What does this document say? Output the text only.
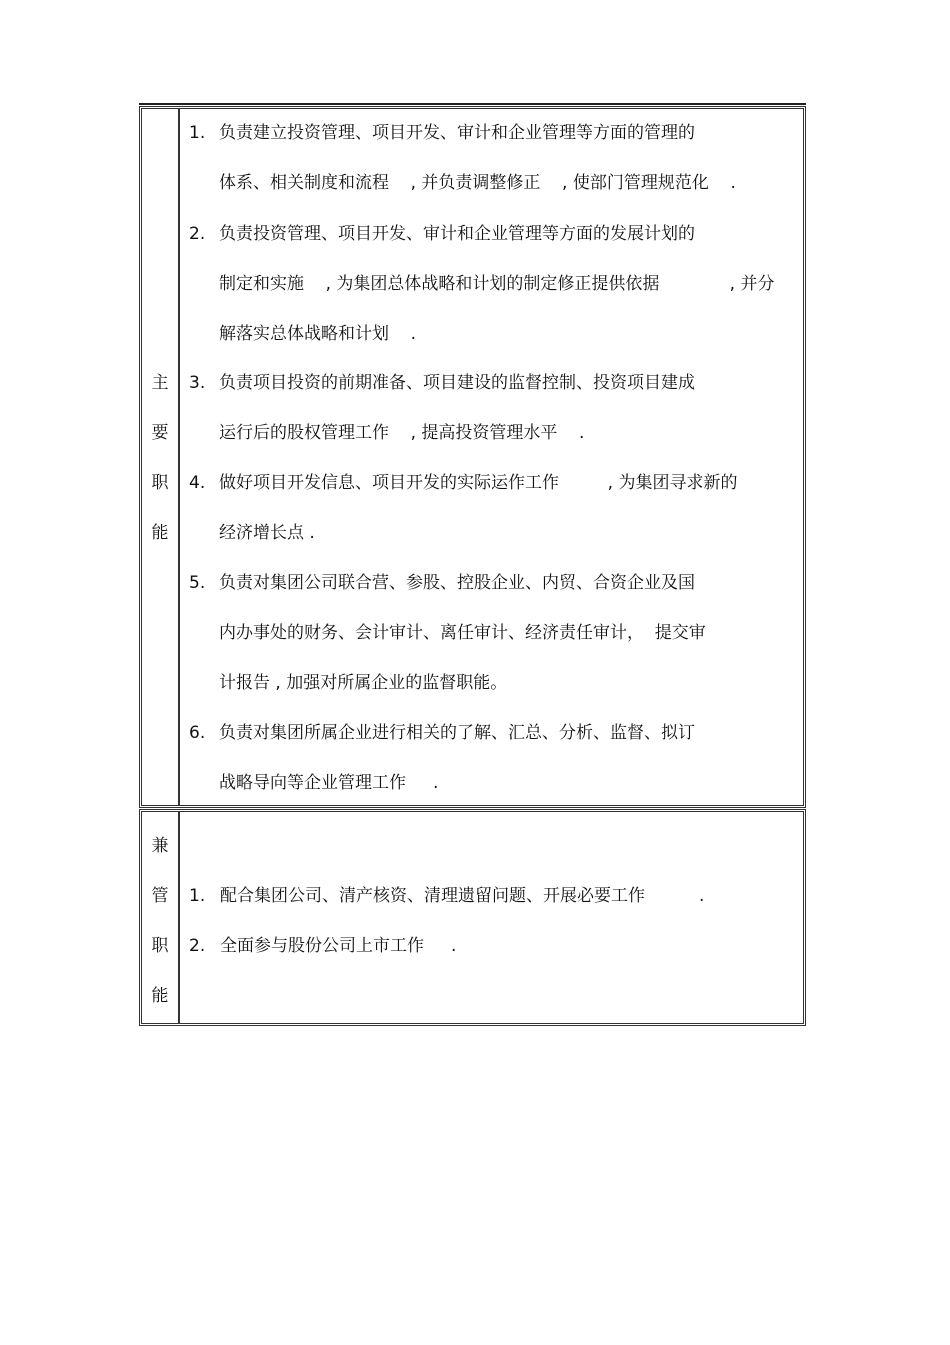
主
要
职
能
1. 负责建立投资管理、项目开发、审计和企业管理等方面的管理的
体系、相关制度和流程    , 并负责调整修正    , 使部门管理规范化    .
2. 负责投资管理、项目开发、审计和企业管理等方面的发展计划的
制定和实施    , 为集团总体战略和计划的制定修正提供依据             , 并分
解落实总体战略和计划    .
3. 负责项目投资的前期准备、项目建设的监督控制、投资项目建成
运行后的股权管理工作    , 提高投资管理水平    .
4. 做好项目开发信息、项目开发的实际运作工作         , 为集团寻求新的
经济增长点 .
5. 负责对集团公司联合营、参股、控股企业、内贸、合资企业及国
内办事处的财务、会计审计、离任审计、经济责任审计，  提交审
计报告 , 加强对所属企业的监督职能。
6. 负责对集团所属企业进行相关的了解、汇总、分析、监督、拟订
战略导向等企业管理工作     .
兼
管
职
能
1. 配合集团公司、清产核资、清理遗留问题、开展必要工作          .
2. 全面参与股份公司上市工作     .
